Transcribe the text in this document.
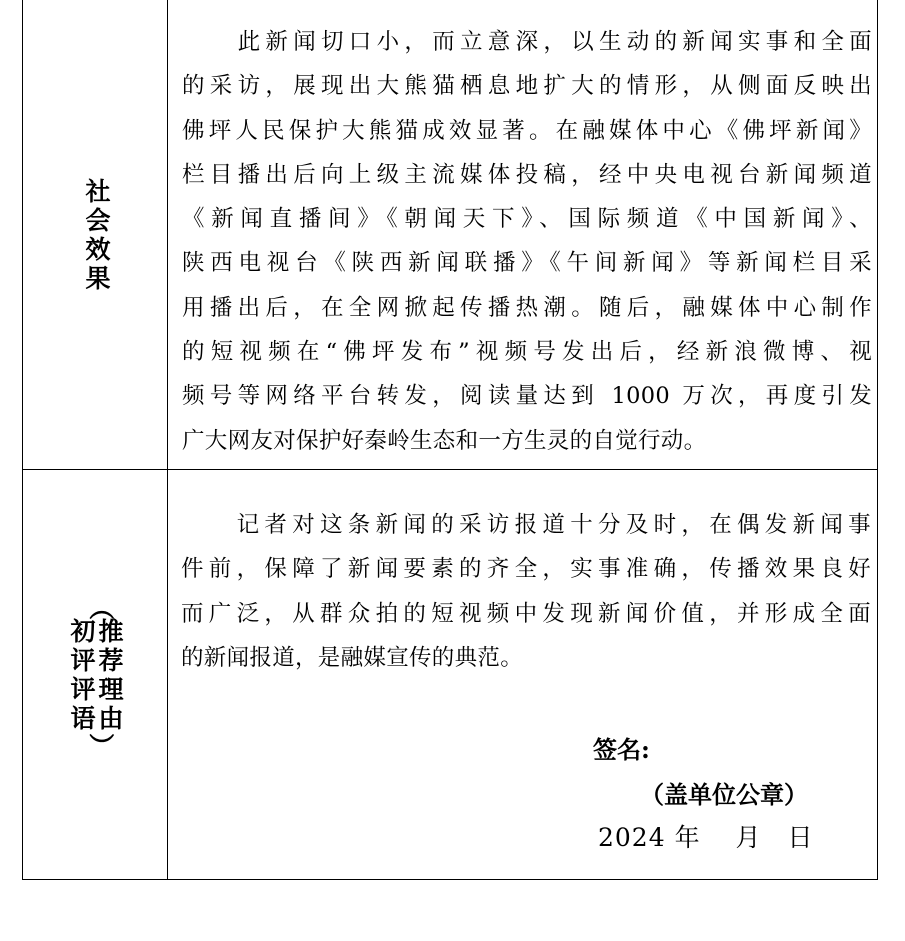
社
会
效
果

　　此新闻切口小，而立意深，以生动的新闻实事和全面
的采访，展现出大熊猫栖息地扩大的情形，从侧面反映出
佛坪人民保护大熊猫成效显著。在融媒体中心《佛坪新闻》
栏目播出后向上级主流媒体投稿，经中央电视台新闻频道
《新闻直播间》《朝闻天下》、国际频道《中国新闻》、
陕西电视台《陕西新闻联播》《午间新闻》等新闻栏目采
用播出后，在全网掀起传播热潮。随后，融媒体中心制作
的短视频在“佛坪发布”视频号发出后，经新浪微博、视
频号等网络平台转发，阅读量达到 1000 万次，再度引发
广大网友对保护好秦岭生态和一方生灵的自觉行动。

（
初
评
评
语
推
荐
理
由
）

　　记者对这条新闻的采访报道十分及时，在偶发新闻事
件前，保障了新闻要素的齐全，实事准确，传播效果良好
而广泛，从群众拍的短视频中发现新闻价值，并形成全面
的新闻报道，是融媒宣传的典范。

签名:
（盖单位公章）
2024 年　 月　日
